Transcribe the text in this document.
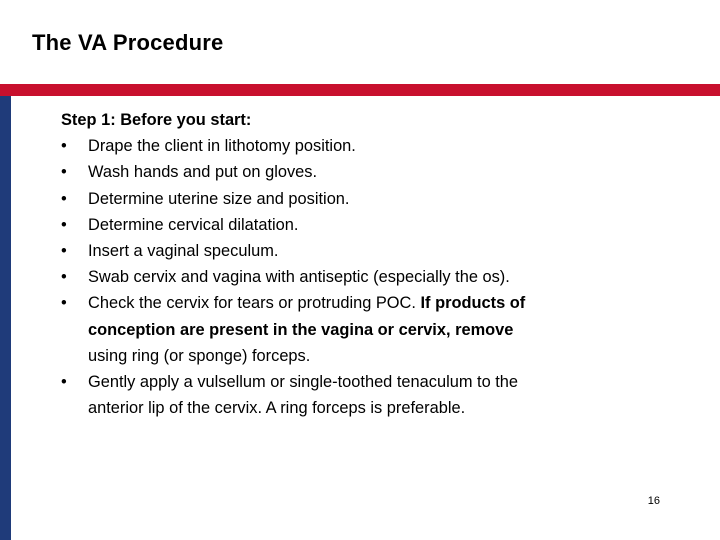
The VA Procedure
Step 1: Before you start:
•	Drape the client in lithotomy position.
•	Wash hands and put on gloves.
•	Determine uterine size and position.
•	Determine cervical dilatation.
•	Insert a vaginal speculum.
•	Swab cervix and vagina with antiseptic (especially the os).
•	Check the cervix for tears or protruding POC. If products of
conception are present in the vagina or cervix, remove
using ring (or sponge) forceps.
•	Gently apply a vulsellum or single-toothed tenaculum to the
anterior lip of the cervix. A ring forceps is preferable.
16
